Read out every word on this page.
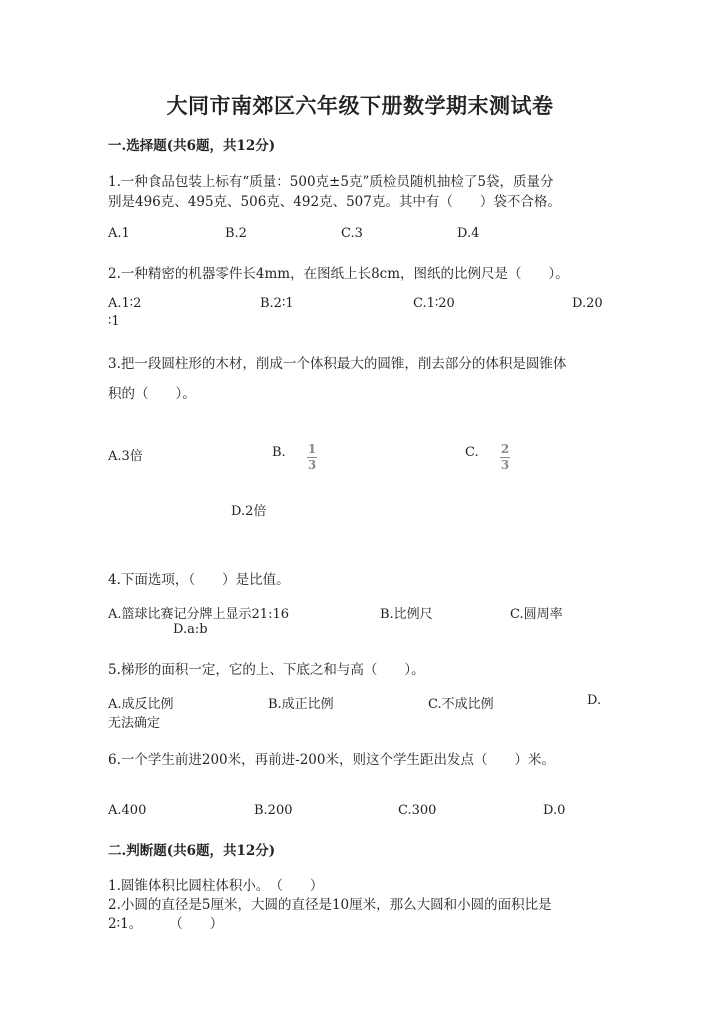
大同市南郊区六年级下册数学期末测试卷
一.选择题(共6题，共12分)
1.一种食品包装上标有“质量：500克±5克”质检员随机抽检了5袋，质量分
别是496克、495克、506克、492克、507克。其中有（　　）袋不合格。
A.1	B.2	C.3	D.4
2.一种精密的机器零件长4mm，在图纸上长8cm，图纸的比例尺是（　　）。
A.1∶2	B.2∶1	C.1∶20	D.20
∶1
3.把一段圆柱形的木材，削成一个体积最大的圆锥，削去部分的体积是圆锥体
积的（　　）。
A.3倍	B. $\frac{1}{3}$	C. $\frac{2}{3}$
D.2倍
4.下面选项，（　　）是比值。
A.篮球比赛记分牌上显示21:16	B.比例尺	C.圆周率
D.a:b
5.梯形的面积一定，它的上、下底之和与高（　　）。
A.成反比例	B.成正比例	C.不成比例	D.
无法确定
6.一个学生前进200米，再前进-200米，则这个学生距出发点（　　）米。
A.400	B.200	C.300	D.0
二.判断题(共6题，共12分)
1.圆锥体积比圆柱体积小。　（　　）
2.小圆的直径是5厘米，大圆的直径是10厘米，那么大圆和小圆的面积比是
2∶1。　　　（　　）
